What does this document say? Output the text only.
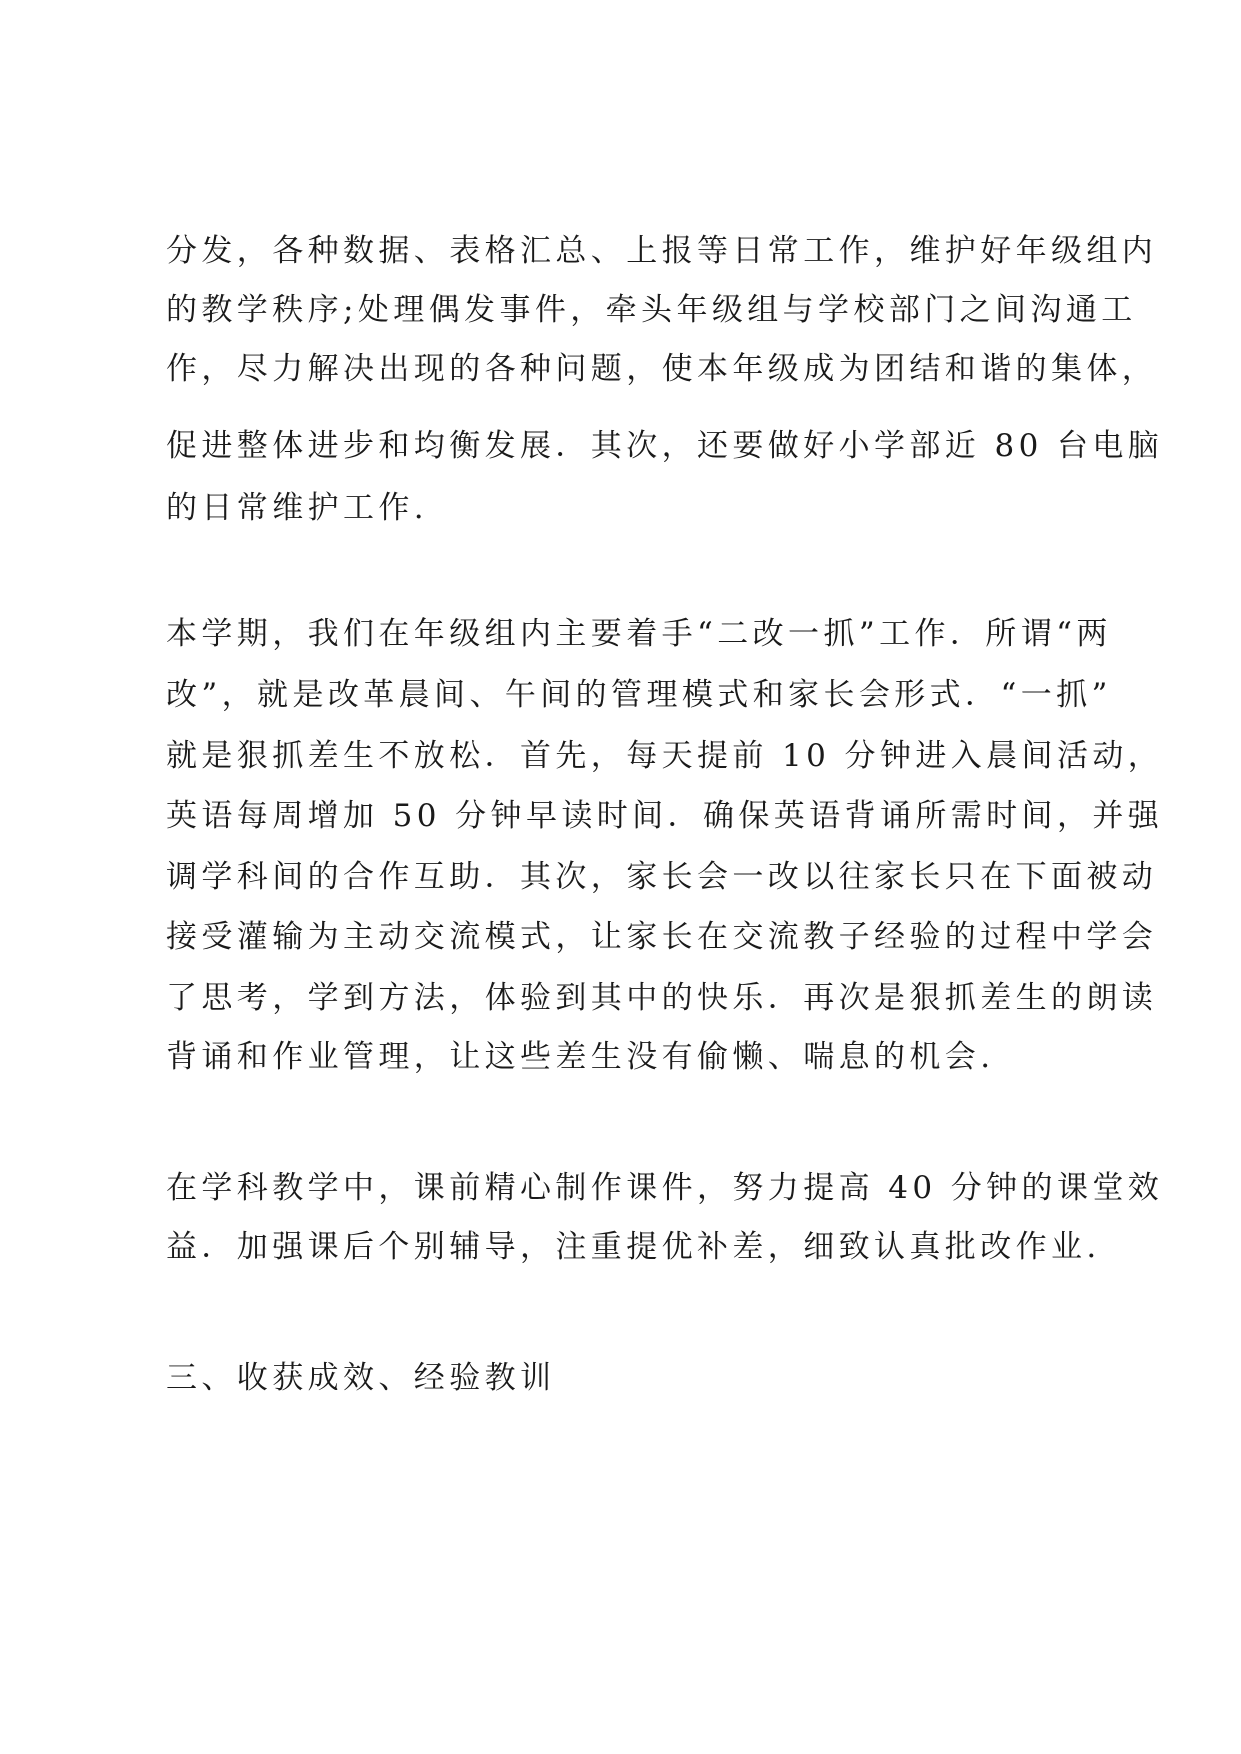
分发，各种数据、表格汇总、上报等日常工作，维护好年级组内
的教学秩序;处理偶发事件，牵头年级组与学校部门之间沟通工
作，尽力解决出现的各种问题，使本年级成为团结和谐的集体，
促进整体进步和均衡发展．其次，还要做好小学部近 80 台电脑
的日常维护工作.
本学期，我们在年级组内主要着手“二改一抓”工作．所谓“两
改”，就是改革晨间、午间的管理模式和家长会形式．“一抓”
就是狠抓差生不放松．首先，每天提前 10 分钟进入晨间活动，
英语每周增加 50 分钟早读时间．确保英语背诵所需时间，并强
调学科间的合作互助．其次，家长会一改以往家长只在下面被动
接受灌输为主动交流模式，让家长在交流教子经验的过程中学会
了思考，学到方法，体验到其中的快乐．再次是狠抓差生的朗读
背诵和作业管理，让这些差生没有偷懒、喘息的机会.
在学科教学中，课前精心制作课件，努力提高 40 分钟的课堂效
益．加强课后个别辅导，注重提优补差，细致认真批改作业.
三、收获成效、经验教训
